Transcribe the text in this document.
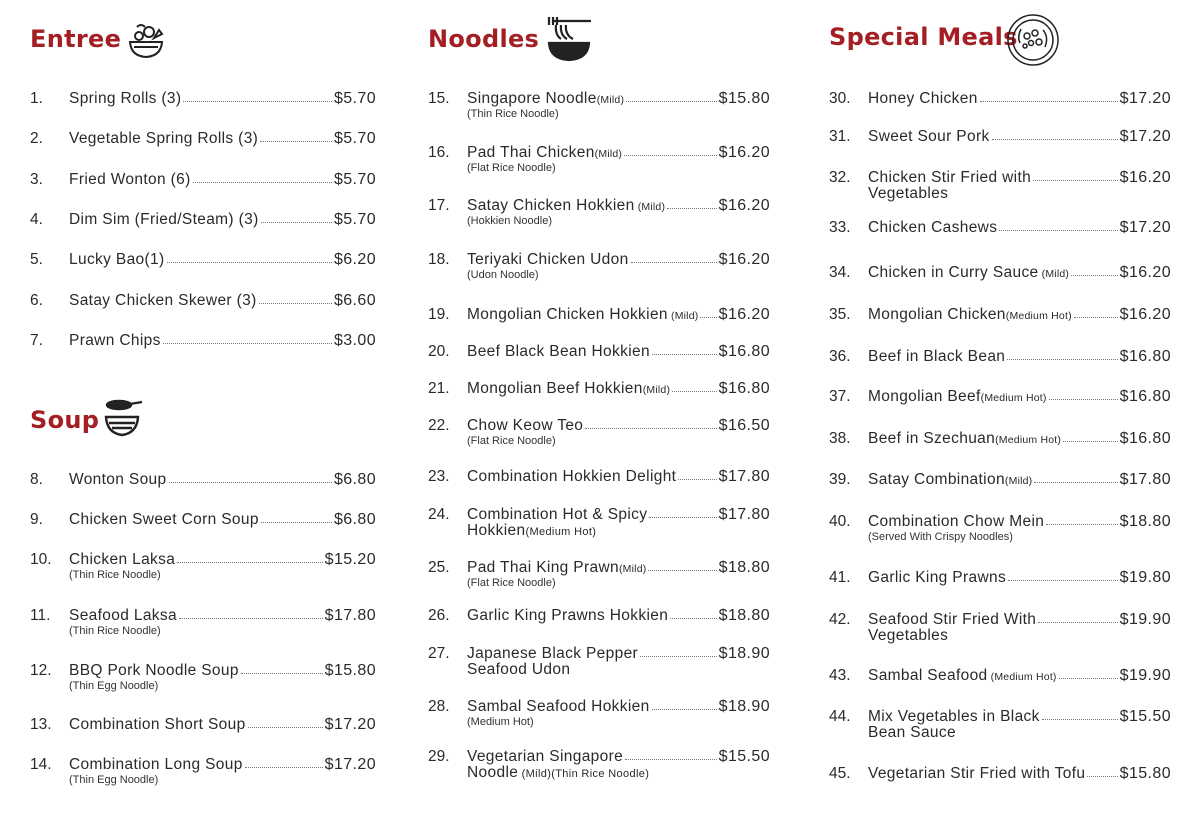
Entree
1. Spring Rolls (3)	$5.70
2. Vegetable Spring Rolls (3)	$5.70
3. Fried Wonton (6)	$5.70
4. Dim Sim (Fried/Steam) (3)	$5.70
5. Lucky Bao(1)	$6.20
6. Satay Chicken Skewer (3)	$6.60
7. Prawn Chips	$3.00
Soup
8. Wonton Soup	$6.80
9. Chicken Sweet Corn Soup	$6.80
10. Chicken Laksa	$15.20
(Thin Rice Noodle)
11. Seafood Laksa	$17.80
(Thin Rice Noodle)
12. BBQ Pork Noodle Soup	$15.80
(Thin Egg Noodle)
13. Combination Short Soup	$17.20
14. Combination Long Soup	$17.20
(Thin Egg Noodle)
Noodles
15. Singapore Noodle(Mild)	$15.80
(Thin Rice Noodle)
16. Pad Thai Chicken(Mild)	$16.20
(Flat Rice Noodle)
17. Satay Chicken Hokkien (Mild)	$16.20
(Hokkien Noodle)
18. Teriyaki Chicken Udon	$16.20
(Udon Noodle)
19. Mongolian Chicken Hokkien (Mild) $16.20
20. Beef Black Bean Hokkien	$16.80
21. Mongolian Beef Hokkien(Mild)	$16.80
22. Chow Keow Teo	$16.50
(Flat Rice Noodle)
23. Combination Hokkien Delight	$17.80
24. Combination Hot & Spicy	$17.80
Hokkien(Medium Hot)
25. Pad Thai King Prawn(Mild)	$18.80
(Flat Rice Noodle)
26. Garlic King Prawns Hokkien	$18.80
27. Japanese Black Pepper	$18.90
Seafood Udon
28. Sambal Seafood Hokkien	$18.90
(Medium Hot)
29. Vegetarian Singapore	$15.50
Noodle (Mild)(Thin Rice Noodle)
Special Meals
30. Honey Chicken	$17.20
31. Sweet Sour Pork	$17.20
32. Chicken Stir Fried with	$16.20
Vegetables
33. Chicken Cashews	$17.20
34. Chicken in Curry Sauce (Mild)	$16.20
35. Mongolian Chicken(Medium Hot)	$16.20
36. Beef in Black Bean	$16.80
37. Mongolian Beef(Medium Hot)	$16.80
38. Beef in Szechuan(Medium Hot)	$16.80
39. Satay Combination(Mild)	$17.80
40. Combination Chow Mein	$18.80
(Served With Crispy Noodles)
41. Garlic King Prawns	$19.80
42. Seafood Stir Fried With	$19.90
Vegetables
43. Sambal Seafood (Medium Hot)	$19.90
44. Mix Vegetables in Black	$15.50
Bean Sauce
45. Vegetarian Stir Fried with Tofu $15.80
